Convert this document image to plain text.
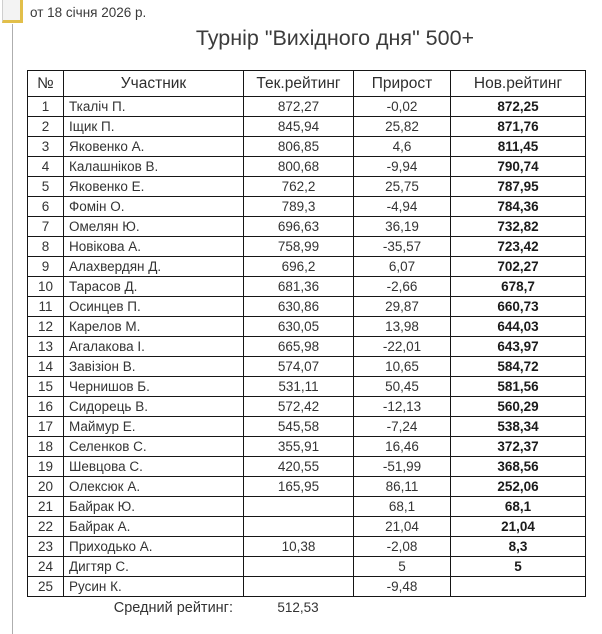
от 18 січня 2026 р.
Турнір "Вихідного дня" 500+
№	Участник	Тек.рейтинг	Прирост	Нов.рейтинг
1	Ткаліч П.	872,27	-0,02	872,25
2	Іщик П.	845,94	25,82	871,76
3	Яковенко А.	806,85	4,6	811,45
4	Калашніков В.	800,68	-9,94	790,74
5	Яковенко Е.	762,2	25,75	787,95
6	Фомін О.	789,3	-4,94	784,36
7	Омелян Ю.	696,63	36,19	732,82
8	Новікова А.	758,99	-35,57	723,42
9	Алахвердян Д.	696,2	6,07	702,27
10	Тарасов Д.	681,36	-2,66	678,7
11	Осинцев П.	630,86	29,87	660,73
12	Карелов М.	630,05	13,98	644,03
13	Агалакова І.	665,98	-22,01	643,97
14	Завізіон В.	574,07	10,65	584,72
15	Чернишов Б.	531,11	50,45	581,56
16	Сидорець В.	572,42	-12,13	560,29
17	Маймур Е.	545,58	-7,24	538,34
18	Селенков С.	355,91	16,46	372,37
19	Шевцова С.	420,55	-51,99	368,56
20	Олексюк А.	165,95	86,11	252,06
21	Байрак Ю.		68,1	68,1
22	Байрак А.		21,04	21,04
23	Приходько А.	10,38	-2,08	8,3
24	Дигтяр С.		5	5
25	Русин К.		-9,48	
Средний рейтинг:	512,53
